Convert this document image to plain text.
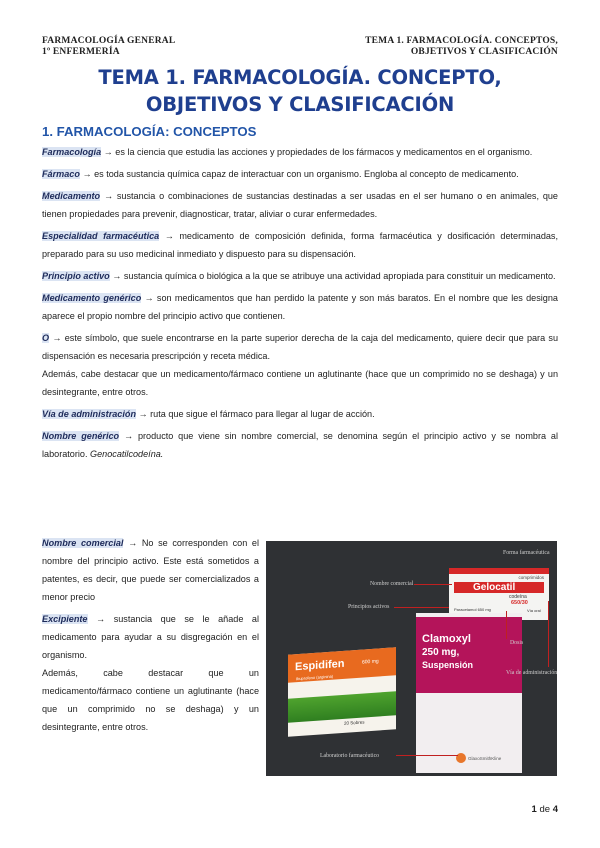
FARMACOLOGÍA GENERAL
1º ENFERMERÍA
TEMA 1. FARMACOLOGÍA. CONCEPTOS,
OBJETIVOS Y CLASIFICACIÓN
TEMA 1. FARMACOLOGÍA. CONCEPTO, OBJETIVOS Y CLASIFICACIÓN
1. FARMACOLOGÍA: CONCEPTOS

Farmacología → es la ciencia que estudia las acciones y propiedades de los fármacos y medicamentos en el organismo.

Fármaco → es toda sustancia química capaz de interactuar con un organismo. Engloba al concepto de medicamento.

Medicamento → sustancia o combinaciones de sustancias destinadas a ser usadas en el ser humano o en animales, que tienen propiedades para prevenir, diagnosticar, tratar, aliviar o curar enfermedades.

Especialidad farmacéutica → medicamento de composición definida, forma farmacéutica y dosificación determinadas, preparado para su uso medicinal inmediato y dispuesto para su dispensación.

Principio activo → sustancia química o biológica a la que se atribuye una actividad apropiada para constituir un medicamento.

Medicamento genérico → son medicamentos que han perdido la patente y son más baratos. En el nombre que les designa aparece el propio nombre del principio activo que contienen.

O → este símbolo, que suele encontrarse en la parte superior derecha de la caja del medicamento, quiere decir que para su dispensación es necesaria prescripción y receta médica.

Además, cabe destacar que un medicamento/fármaco contiene un aglutinante (hace que un comprimido no se deshaga) y un desintegrante, entre otros.

Vía de administración → ruta que sigue el fármaco para llegar al lugar de acción.

Nombre genérico → producto que viene sin nombre comercial, se denomina según el principio activo y se nombra al laboratorio. Genocatilcodeína.

Nombre comercial → No se corresponden con el nombre del principio activo. Este está sometidos a patentes, es decir, que puede ser comercializados a menor precio

Excipiente → sustancia que se le añade al medicamento para ayudar a su disgregación en el organismo.

Además, cabe destacar que un medicamento/fármaco contiene un aglutinante (hace que un comprimido no se deshaga) y un desintegrante, entre otros.

comprimidos
Gelocatil
codeína
650/30
Paracetamol 650 mg	Vía oral
Clamoxyl
250 mg,
Suspensión
GlaxoSmithKline
Espidifen	600 mg
Ibuprofeno (arginina)
20 Sobres
Forma farmacéutica
Nombre comercial
Principios activos
Dosis
Vía de administración
Laboratorio farmacéutico
1 de 4
